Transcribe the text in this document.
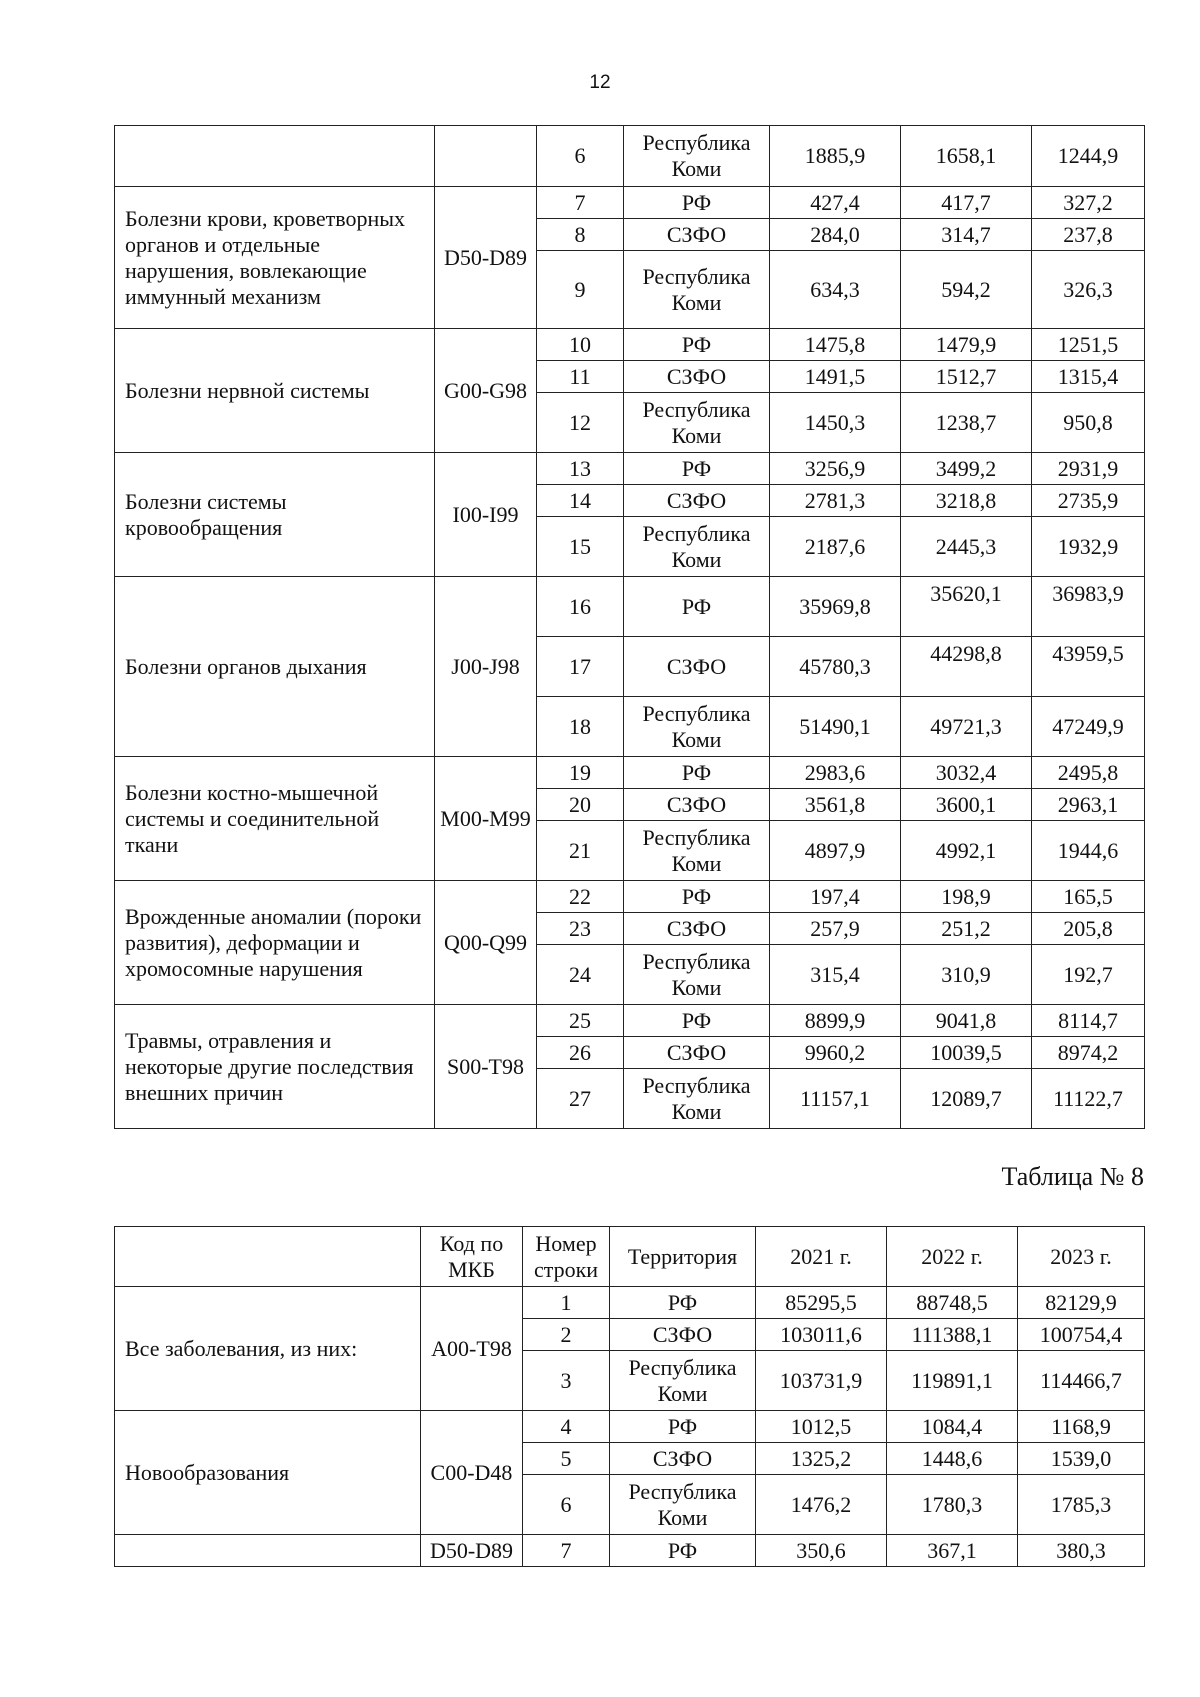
12
		6	Республика Коми	1885,9	1658,1	1244,9
Болезни крови, кроветворных органов и отдельные нарушения, вовлекающие иммунный механизм	D50-D89	7	РФ	427,4	417,7	327,2
		8	СЗФО	284,0	314,7	237,8
		9	Республика Коми	634,3	594,2	326,3
Болезни нервной системы	G00-G98	10	РФ	1475,8	1479,9	1251,5
		11	СЗФО	1491,5	1512,7	1315,4
		12	Республика Коми	1450,3	1238,7	950,8
Болезни системы кровообращения	I00-I99	13	РФ	3256,9	3499,2	2931,9
		14	СЗФО	2781,3	3218,8	2735,9
		15	Республика Коми	2187,6	2445,3	1932,9
Болезни органов дыхания	J00-J98	16	РФ	35969,8	35620,1	36983,9
		17	СЗФО	45780,3	44298,8	43959,5
		18	Республика Коми	51490,1	49721,3	47249,9
Болезни костно-мышечной системы и соединительной ткани	M00-M99	19	РФ	2983,6	3032,4	2495,8
		20	СЗФО	3561,8	3600,1	2963,1
		21	Республика Коми	4897,9	4992,1	1944,6
Врожденные аномалии (пороки развития), деформации и хромосомные нарушения	Q00-Q99	22	РФ	197,4	198,9	165,5
		23	СЗФО	257,9	251,2	205,8
		24	Республика Коми	315,4	310,9	192,7
Травмы, отравления и некоторые другие последствия внешних причин	S00-T98	25	РФ	8899,9	9041,8	8114,7
		26	СЗФО	9960,2	10039,5	8974,2
		27	Республика Коми	11157,1	12089,7	11122,7
Таблица № 8
	Код по МКБ	Номер строки	Территория	2021 г.	2022 г.	2023 г.
Все заболевания, из них:	A00-T98	1	РФ	85295,5	88748,5	82129,9
		2	СЗФО	103011,6	111388,1	100754,4
		3	Республика Коми	103731,9	119891,1	114466,7
Новообразования	C00-D48	4	РФ	1012,5	1084,4	1168,9
		5	СЗФО	1325,2	1448,6	1539,0
		6	Республика Коми	1476,2	1780,3	1785,3
	D50-D89	7	РФ	350,6	367,1	380,3
